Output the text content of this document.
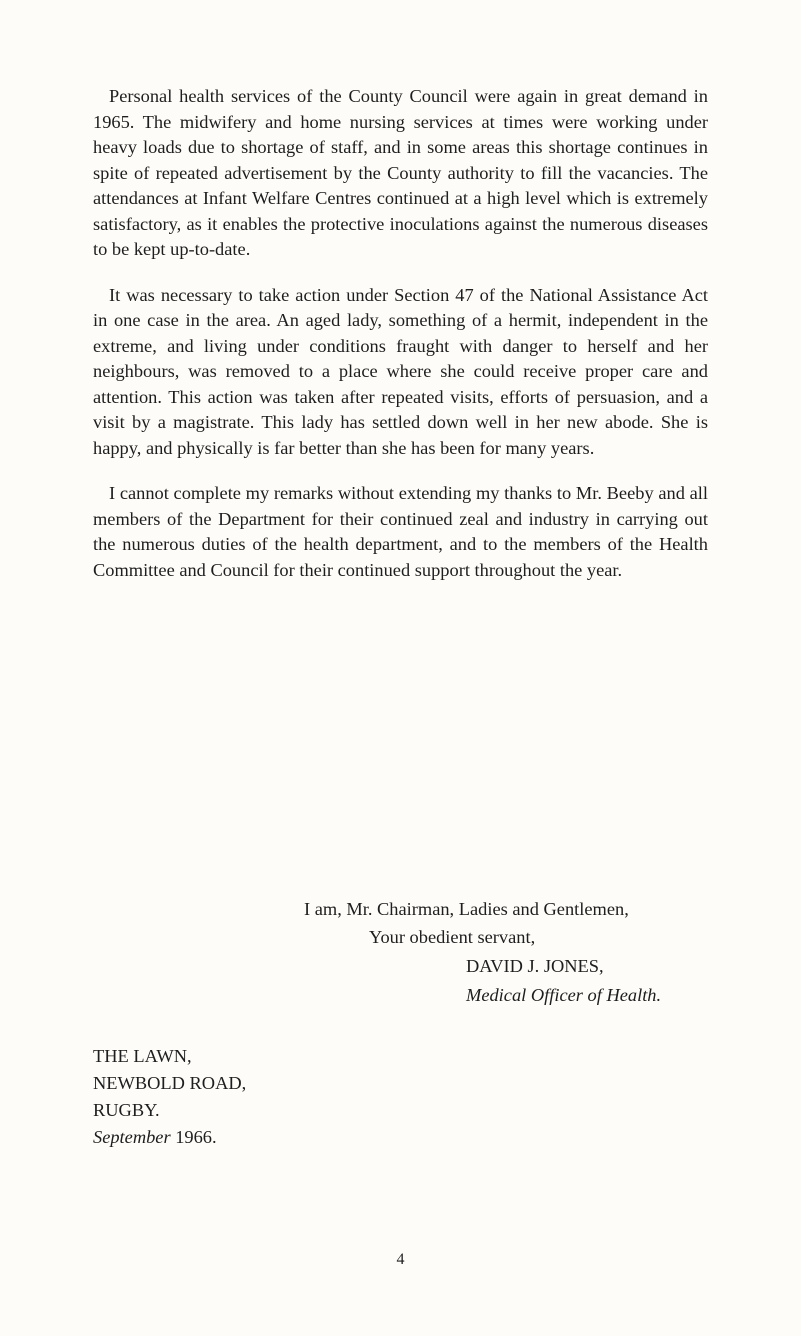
Personal health services of the County Council were again in great demand in 1965. The midwifery and home nursing services at times were working under heavy loads due to shortage of staff, and in some areas this shortage continues in spite of repeated advertisement by the County authority to fill the vacancies. The attendances at Infant Welfare Centres continued at a high level which is extremely satisfactory, as it enables the protective inoculations against the numerous diseases to be kept up-to-date.

It was necessary to take action under Section 47 of the National Assistance Act in one case in the area. An aged lady, something of a hermit, independent in the extreme, and living under conditions fraught with danger to herself and her neighbours, was removed to a place where she could receive proper care and attention. This action was taken after repeated visits, efforts of persuasion, and a visit by a magistrate. This lady has settled down well in her new abode. She is happy, and physically is far better than she has been for many years.

I cannot complete my remarks without extending my thanks to Mr. Beeby and all members of the Department for their continued zeal and industry in carrying out the numerous duties of the health department, and to the members of the Health Committee and Council for their continued support throughout the year.

I am, Mr. Chairman, Ladies and Gentlemen,
Your obedient servant,
DAVID J. JONES,
Medical Officer of Health.
THE LAWN,
NEWBOLD ROAD,
RUGBY.
September 1966.
4
